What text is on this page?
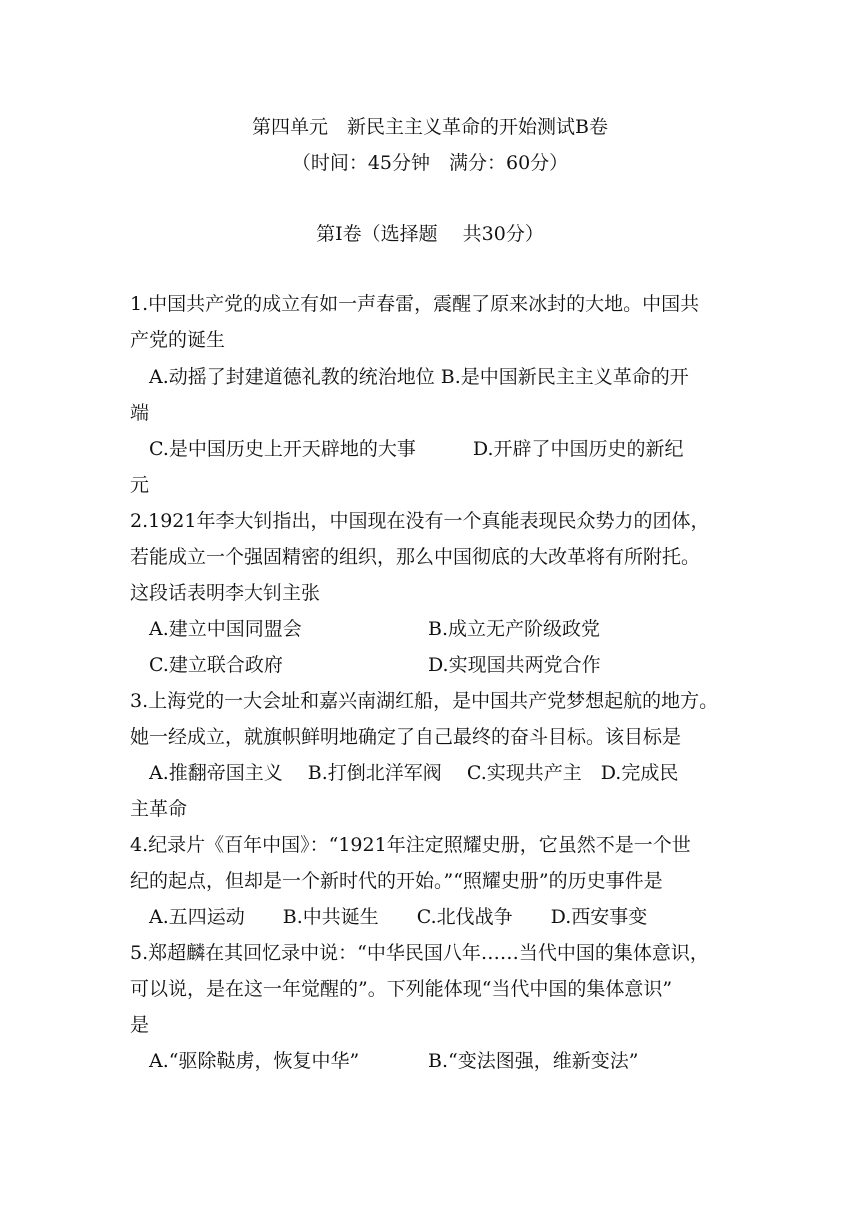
第四单元　新民主主义革命的开始测试B卷
（时间：45分钟　满分：60分）
第Ⅰ卷（选择题　 共30分）
1.中国共产党的成立有如一声春雷，震醒了原来冰封的大地。中国共
产党的诞生
A.动摇了封建道德礼教的统治地位 B.是中国新民主主义革命的开
端
C.是中国历史上开天辟地的大事　　　D.开辟了中国历史的新纪
元
2.1921年李大钊指出，中国现在没有一个真能表现民众势力的团体，
若能成立一个强固精密的组织，那么中国彻底的大改革将有所附托。
这段话表明李大钊主张
A.建立中国同盟会	B.成立无产阶级政党
C.建立联合政府	D.实现国共两党合作
3.上海党的一大会址和嘉兴南湖红船，是中国共产党梦想起航的地方。
她一经成立，就旗帜鲜明地确定了自己最终的奋斗目标。该目标是
A.推翻帝国主义　 B.打倒北洋军阀　 C.实现共产主　D.完成民
主革命
4.纪录片《百年中国》：“1921年注定照耀史册，它虽然不是一个世
纪的起点，但却是一个新时代的开始。”“照耀史册”的历史事件是
A.五四运动　　B.中共诞生　　C.北伐战争　　D.西安事变
5.郑超麟在其回忆录中说：“中华民国八年……当代中国的集体意识，
可以说，是在这一年觉醒的”。下列能体现“当代中国的集体意识”
是
A.“驱除鞑虏，恢复中华”	B.“变法图强，维新变法”
